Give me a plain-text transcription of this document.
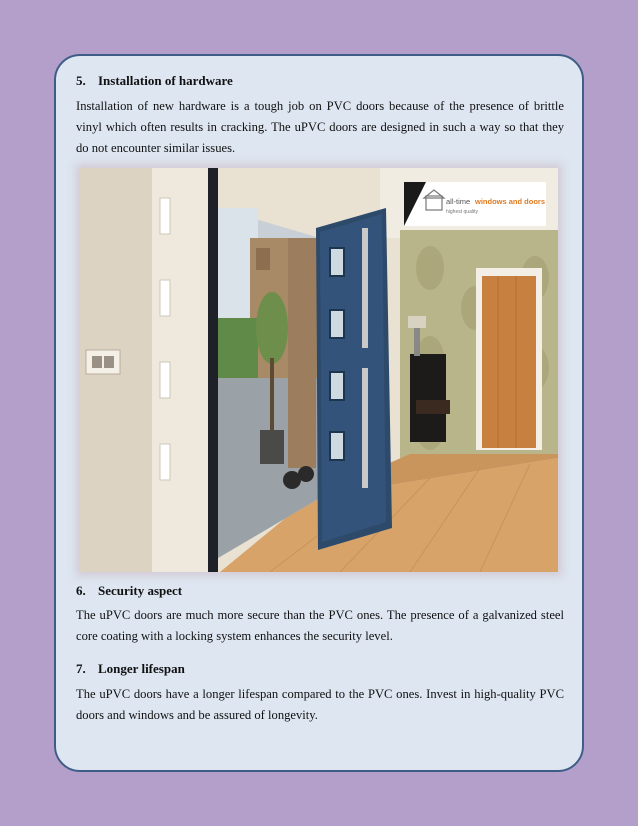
5. Installation of hardware

Installation of new hardware is a tough job on PVC doors because of the presence of brittle vinyl which often results in cracking. The uPVC doors are designed in such a way so that they do not encounter similar issues.

all-time windows and doors
highest quality
6. Security aspect

The uPVC doors are much more secure than the PVC ones. The presence of a galvanized steel core coating with a locking system enhances the security level.

7. Longer lifespan

The uPVC doors have a longer lifespan compared to the PVC ones. Invest in high-quality PVC doors and windows and be assured of longevity.
